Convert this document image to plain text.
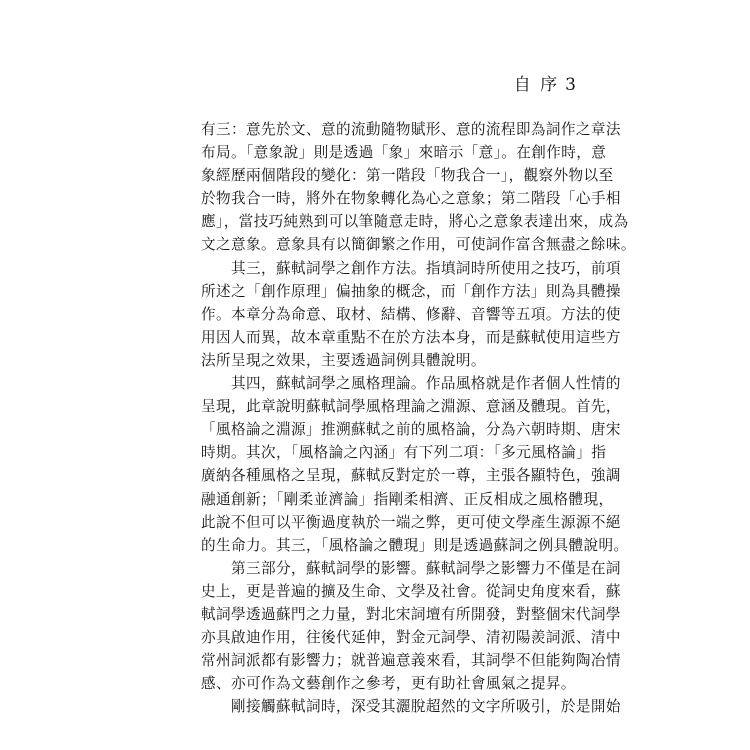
自 序 3
有三：意先於文、意的流動隨物賦形、意的流程即為詞作之章法
布局。「意象說」則是透過「象」來暗示「意」。在創作時，意
象經歷兩個階段的變化：第一階段「物我合一」，觀察外物以至
於物我合一時，將外在物象轉化為心之意象；第二階段「心手相
應」，當技巧純熟到可以筆隨意走時，將心之意象表達出來，成為
文之意象。意象具有以簡御繁之作用，可使詞作富含無盡之餘味。
　　其三，蘇軾詞學之創作方法。指填詞時所使用之技巧，前項
所述之「創作原理」偏抽象的概念，而「創作方法」則為具體操
作。本章分為命意、取材、結構、修辭、音響等五項。方法的使
用因人而異，故本章重點不在於方法本身，而是蘇軾使用這些方
法所呈現之效果，主要透過詞例具體說明。
　　其四，蘇軾詞學之風格理論。作品風格就是作者個人性情的
呈現，此章說明蘇軾詞學風格理論之淵源、意涵及體現。首先，
「風格論之淵源」推溯蘇軾之前的風格論，分為六朝時期、唐宋
時期。其次，「風格論之內涵」有下列二項：「多元風格論」指
廣納各種風格之呈現，蘇軾反對定於一尊，主張各顯特色，強調
融通創新；「剛柔並濟論」指剛柔相濟、正反相成之風格體現，
此說不但可以平衡過度執於一端之弊，更可使文學產生源源不絕
的生命力。其三，「風格論之體現」則是透過蘇詞之例具體說明。
　　第三部分，蘇軾詞學的影響。蘇軾詞學之影響力不僅是在詞
史上，更是普遍的擴及生命、文學及社會。從詞史角度來看，蘇
軾詞學透過蘇門之力量，對北宋詞壇有所開發，對整個宋代詞學
亦具啟迪作用，往後代延伸，對金元詞學、清初陽羨詞派、清中
常州詞派都有影響力；就普遍意義來看，其詞學不但能夠陶冶情
感、亦可作為文藝創作之參考，更有助社會風氣之提昇。
　　剛接觸蘇軾詞時，深受其灑脫超然的文字所吸引，於是開始
